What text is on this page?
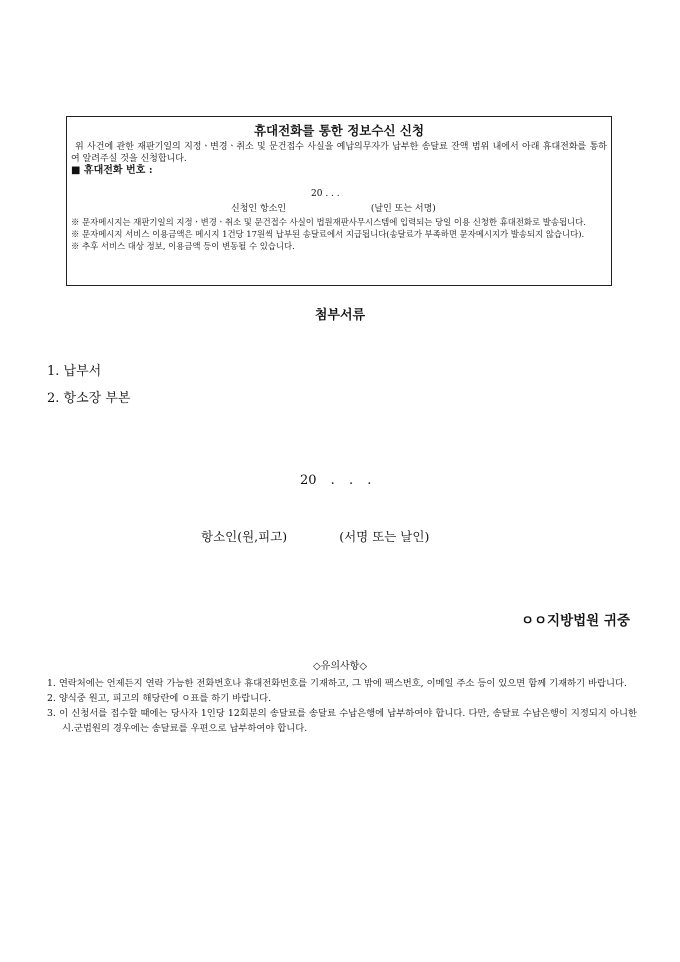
휴대전화를 통한 정보수신 신청
위 사건에 관한 재판기일의 지정ㆍ변경ㆍ취소 및 문건접수 사실을 예납의무자가 납부한 송달료 잔액 범위 내에서 아래 휴대전화를 통하여 알려주실 것을 신청합니다.
■ 휴대전화 번호 :
20 . . .
신청인 항소인	(날인 또는 서명)
※ 문자메시지는 재판기일의 지정ㆍ변경ㆍ취소 및 문건접수 사실이 법원재판사무시스템에 입력되는 당일 이용 신청한 휴대전화로 발송됩니다.
※ 문자메시지 서비스 이용금액은 메시지 1건당 17원씩 납부된 송달료에서 지급됩니다(송달료가 부족하면 문자메시지가 발송되지 않습니다).
※ 추후 서비스 대상 정보, 이용금액 등이 변동될 수 있습니다.
첨부서류
1. 납부서
2. 항소장 부본
20 . . .
항소인(원,피고)	(서명 또는 날인)
ㅇㅇ지방법원 귀중
◇유의사항◇
1. 연락처에는 언제든지 연락 가능한 전화번호나 휴대전화번호를 기재하고, 그 밖에 팩스번호, 이메일 주소 등이 있으면 함께 기재하기 바랍니다.
2. 양식중 원고, 피고의 해당란에 ㅇ표를 하기 바랍니다.
3. 이 신청서를 접수할 때에는 당사자 1인당 12회분의 송달료를 송달료 수납은행에 납부하여야 합니다. 다만, 송달료 수납은행이 지정되지 아니한 시.군법원의 경우에는 송달료를 우편으로 납부하여야 합니다.
